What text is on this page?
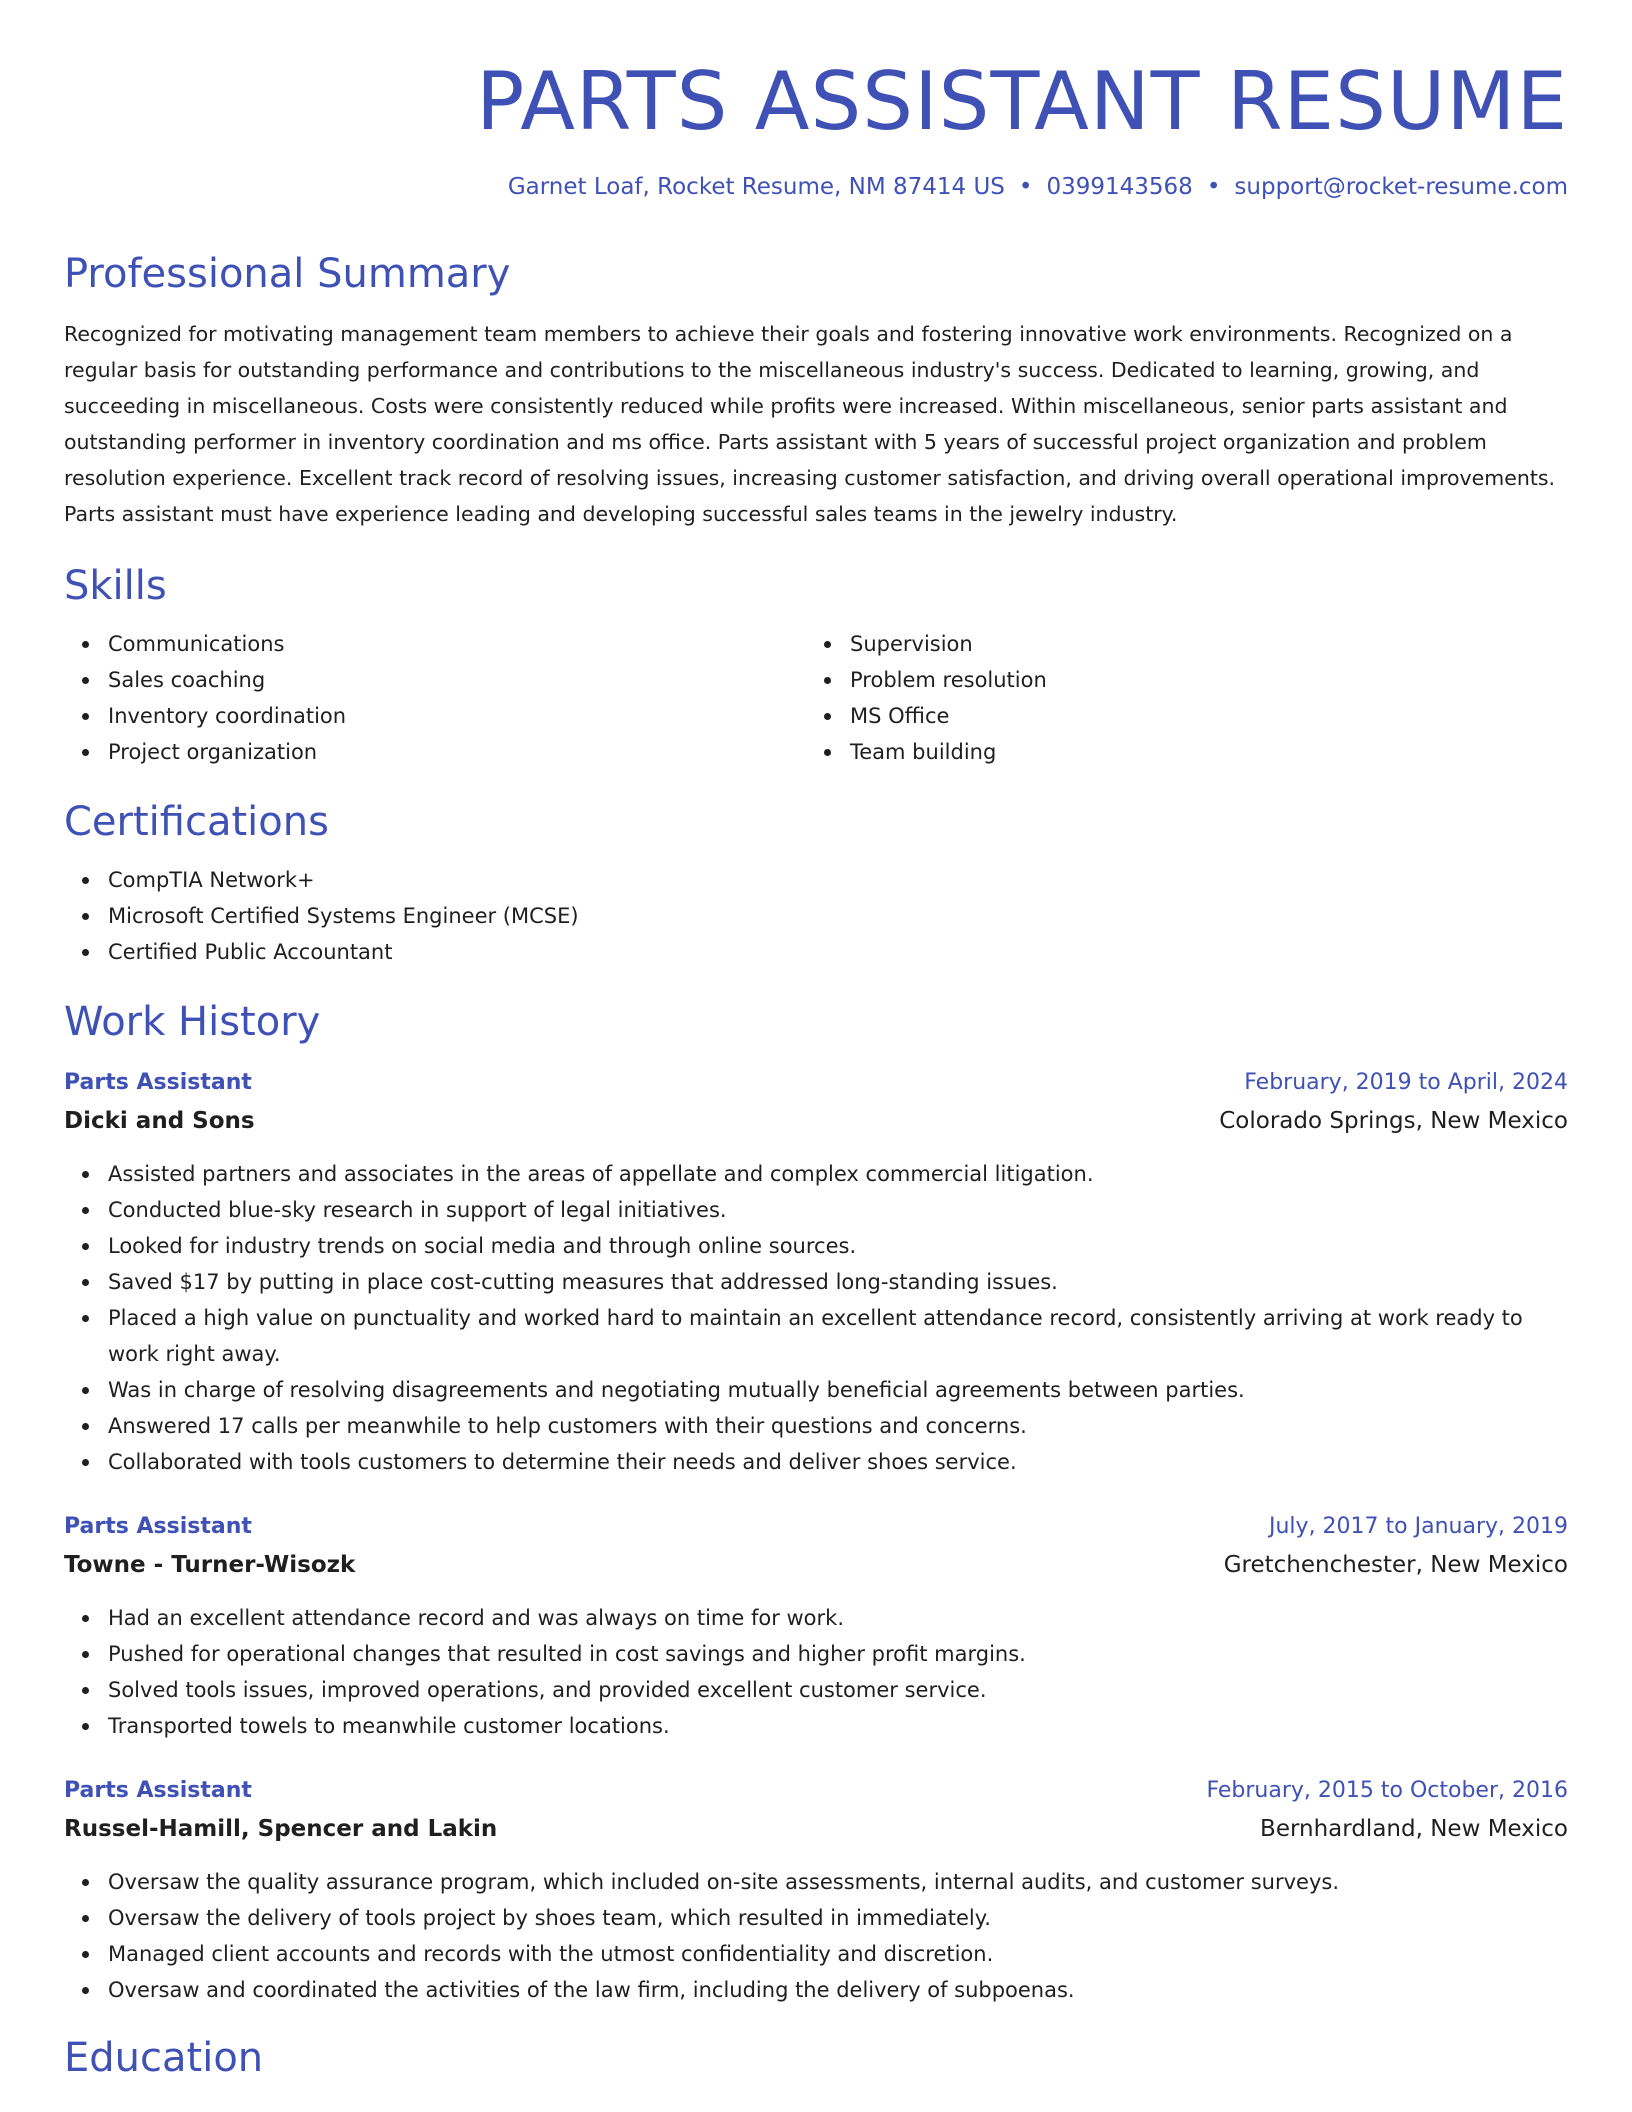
PARTS ASSISTANT RESUME
Garnet Loaf, Rocket Resume, NM 87414 US • 0399143568 • support@rocket-resume.com
Professional Summary

Recognized for motivating management team members to achieve their goals and fostering innovative work environments. Recognized on a regular basis for outstanding performance and contributions to the miscellaneous industry's success. Dedicated to learning, growing, and succeeding in miscellaneous. Costs were consistently reduced while profits were increased. Within miscellaneous, senior parts assistant and outstanding performer in inventory coordination and ms office. Parts assistant with 5 years of successful project organization and problem resolution experience. Excellent track record of resolving issues, increasing customer satisfaction, and driving overall operational improvements. Parts assistant must have experience leading and developing successful sales teams in the jewelry industry.

Skills
Communications
Sales coaching
Inventory coordination
Project organization
Supervision
Problem resolution
MS Office
Team building
Certifications
CompTIA Network+
Microsoft Certified Systems Engineer (MCSE)
Certified Public Accountant
Work History
Parts Assistant	February, 2019 to April, 2024
Dicki and Sons	Colorado Springs, New Mexico
Assisted partners and associates in the areas of appellate and complex commercial litigation.
Conducted blue-sky research in support of legal initiatives.
Looked for industry trends on social media and through online sources.
Saved $17 by putting in place cost-cutting measures that addressed long-standing issues.
Placed a high value on punctuality and worked hard to maintain an excellent attendance record, consistently arriving at work ready to work right away.
Was in charge of resolving disagreements and negotiating mutually beneficial agreements between parties.
Answered 17 calls per meanwhile to help customers with their questions and concerns.
Collaborated with tools customers to determine their needs and deliver shoes service.
Parts Assistant	July, 2017 to January, 2019
Towne - Turner-Wisozk	Gretchenchester, New Mexico
Had an excellent attendance record and was always on time for work.
Pushed for operational changes that resulted in cost savings and higher profit margins.
Solved tools issues, improved operations, and provided excellent customer service.
Transported towels to meanwhile customer locations.
Parts Assistant	February, 2015 to October, 2016
Russel-Hamill, Spencer and Lakin	Bernhardland, New Mexico
Oversaw the quality assurance program, which included on-site assessments, internal audits, and customer surveys.
Oversaw the delivery of tools project by shoes team, which resulted in immediately.
Managed client accounts and records with the utmost confidentiality and discretion.
Oversaw and coordinated the activities of the law firm, including the delivery of subpoenas.
Education
